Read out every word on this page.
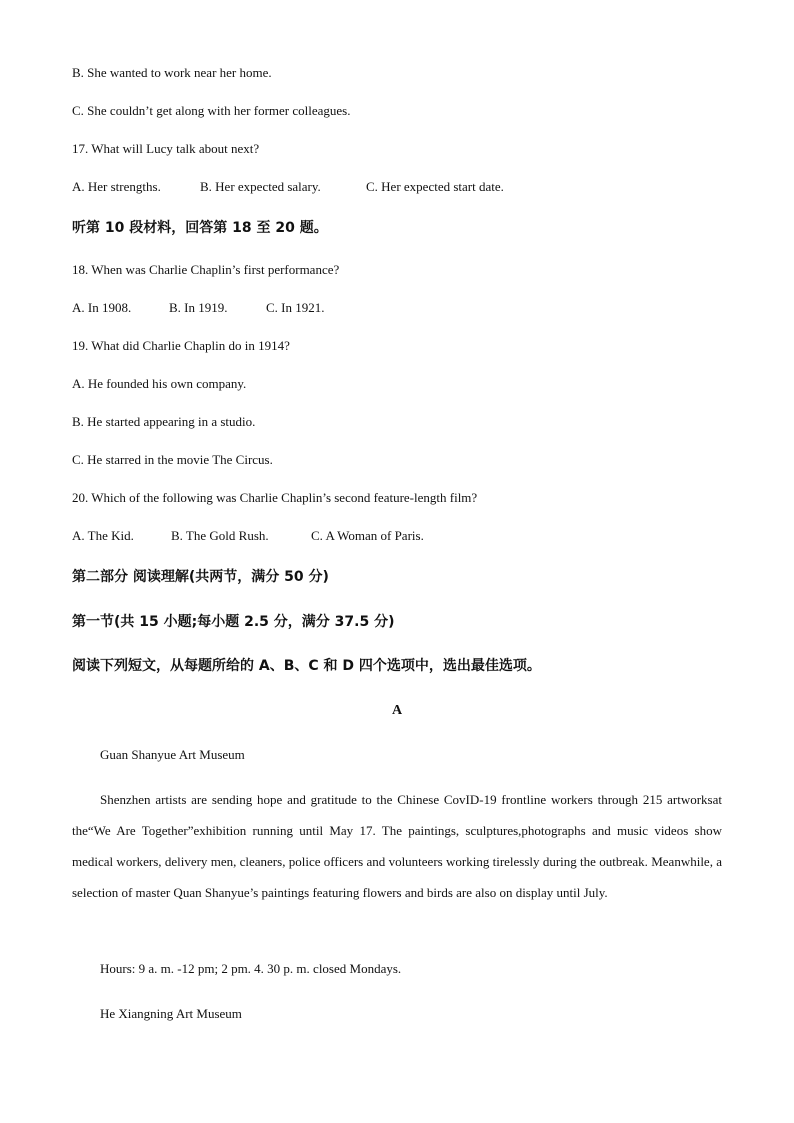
B. She wanted to work near her home.
C. She couldn’t get along with her former colleagues.
17. What will Lucy talk about next?
A. Her strengths.	B. Her expected salary.	C. Her expected start date.
听第 10 段材料，回答第 18 至 20 题。
18. When was Charlie Chaplin’s first performance?
A. In 1908.	B. In 1919.	C. In 1921.
19. What did Charlie Chaplin do in 1914?
A. He founded his own company.
B. He started appearing in a studio.
C. He starred in the movie The Circus.
20. Which of the following was Charlie Chaplin’s second feature-length film?
A. The Kid.	B. The Gold Rush.	C. A Woman of Paris.
第二部分 阅读理解(共两节，满分 50 分)
第一节(共 15 小题;每小题 2.5 分，满分 37.5 分)
阅读下列短文，从每题所给的 A、B、C 和 D 四个选项中，选出最佳选项。
A
Guan Shanyue Art Museum
Shenzhen artists are sending hope and gratitude to the Chinese CovID-19 frontline workers through 215 artworksat the“We Are Together”exhibition running until May 17. The paintings, sculptures,photographs and music videos show medical workers, delivery men, cleaners, police officers and volunteers working tirelessly during the outbreak. Meanwhile, a selection of master Quan Shanyue’s paintings featuring flowers and birds are also on display until July.
Hours: 9 a. m. -12 pm; 2 pm. 4. 30 p. m. closed Mondays.
He Xiangning Art Museum
